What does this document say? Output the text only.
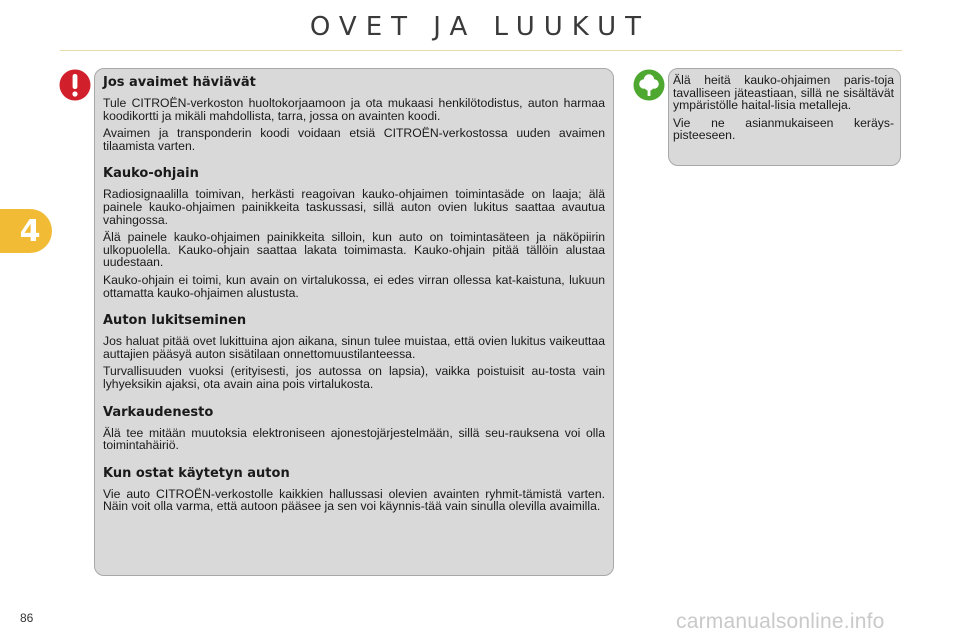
OVET JA LUUKUT
4
Jos avaimet häviävät

Tule CITROËN-verkoston huoltokorjaamoon ja ota mukaasi henkilötodistus, auton harmaa koodikortti ja mikäli mahdollista, tarra, jossa on avainten koodi.

Avaimen ja transponderin koodi voidaan etsiä CITROËN-verkostossa uuden avaimen tilaamista varten.

Kauko-ohjain

Radiosignaalilla toimivan, herkästi reagoivan kauko-ohjaimen toimintasäde on laaja; älä painele kauko-ohjaimen painikkeita taskussasi, sillä auton ovien lukitus saattaa avautua vahingossa.

Älä painele kauko-ohjaimen painikkeita silloin, kun auto on toimintasäteen ja näköpiirin ulkopuolella. Kauko-ohjain saattaa lakata toimimasta. Kauko-ohjain pitää tällöin alustaa uudestaan.

Kauko-ohjain ei toimi, kun avain on virtalukossa, ei edes virran ollessa kat-kaistuna, lukuun ottamatta kauko-ohjaimen alustusta.

Auton lukitseminen

Jos haluat pitää ovet lukittuina ajon aikana, sinun tulee muistaa, että ovien lukitus vaikeuttaa auttajien pääsyä auton sisätilaan onnettomuustilanteessa.

Turvallisuuden vuoksi (erityisesti, jos autossa on lapsia), vaikka poistuisit au-tosta vain lyhyeksikin ajaksi, ota avain aina pois virtalukosta.

Varkaudenesto

Älä tee mitään muutoksia elektroniseen ajonestojärjestelmään, sillä seu-rauksena voi olla toimintahäiriö.

Kun ostat käytetyn auton

Vie auto CITROËN-verkostolle kaikkien hallussasi olevien avainten ryhmit-tämistä varten. Näin voit olla varma, että autoon pääsee ja sen voi käynnis-tää vain sinulla olevilla avaimilla.

Älä heitä kauko-ohjaimen paris-toja tavalliseen jäteastiaan, sillä ne sisältävät ympäristölle haital-lisia metalleja.

Vie ne asianmukaiseen keräys-pisteeseen.

86	carmanualsonline.info
